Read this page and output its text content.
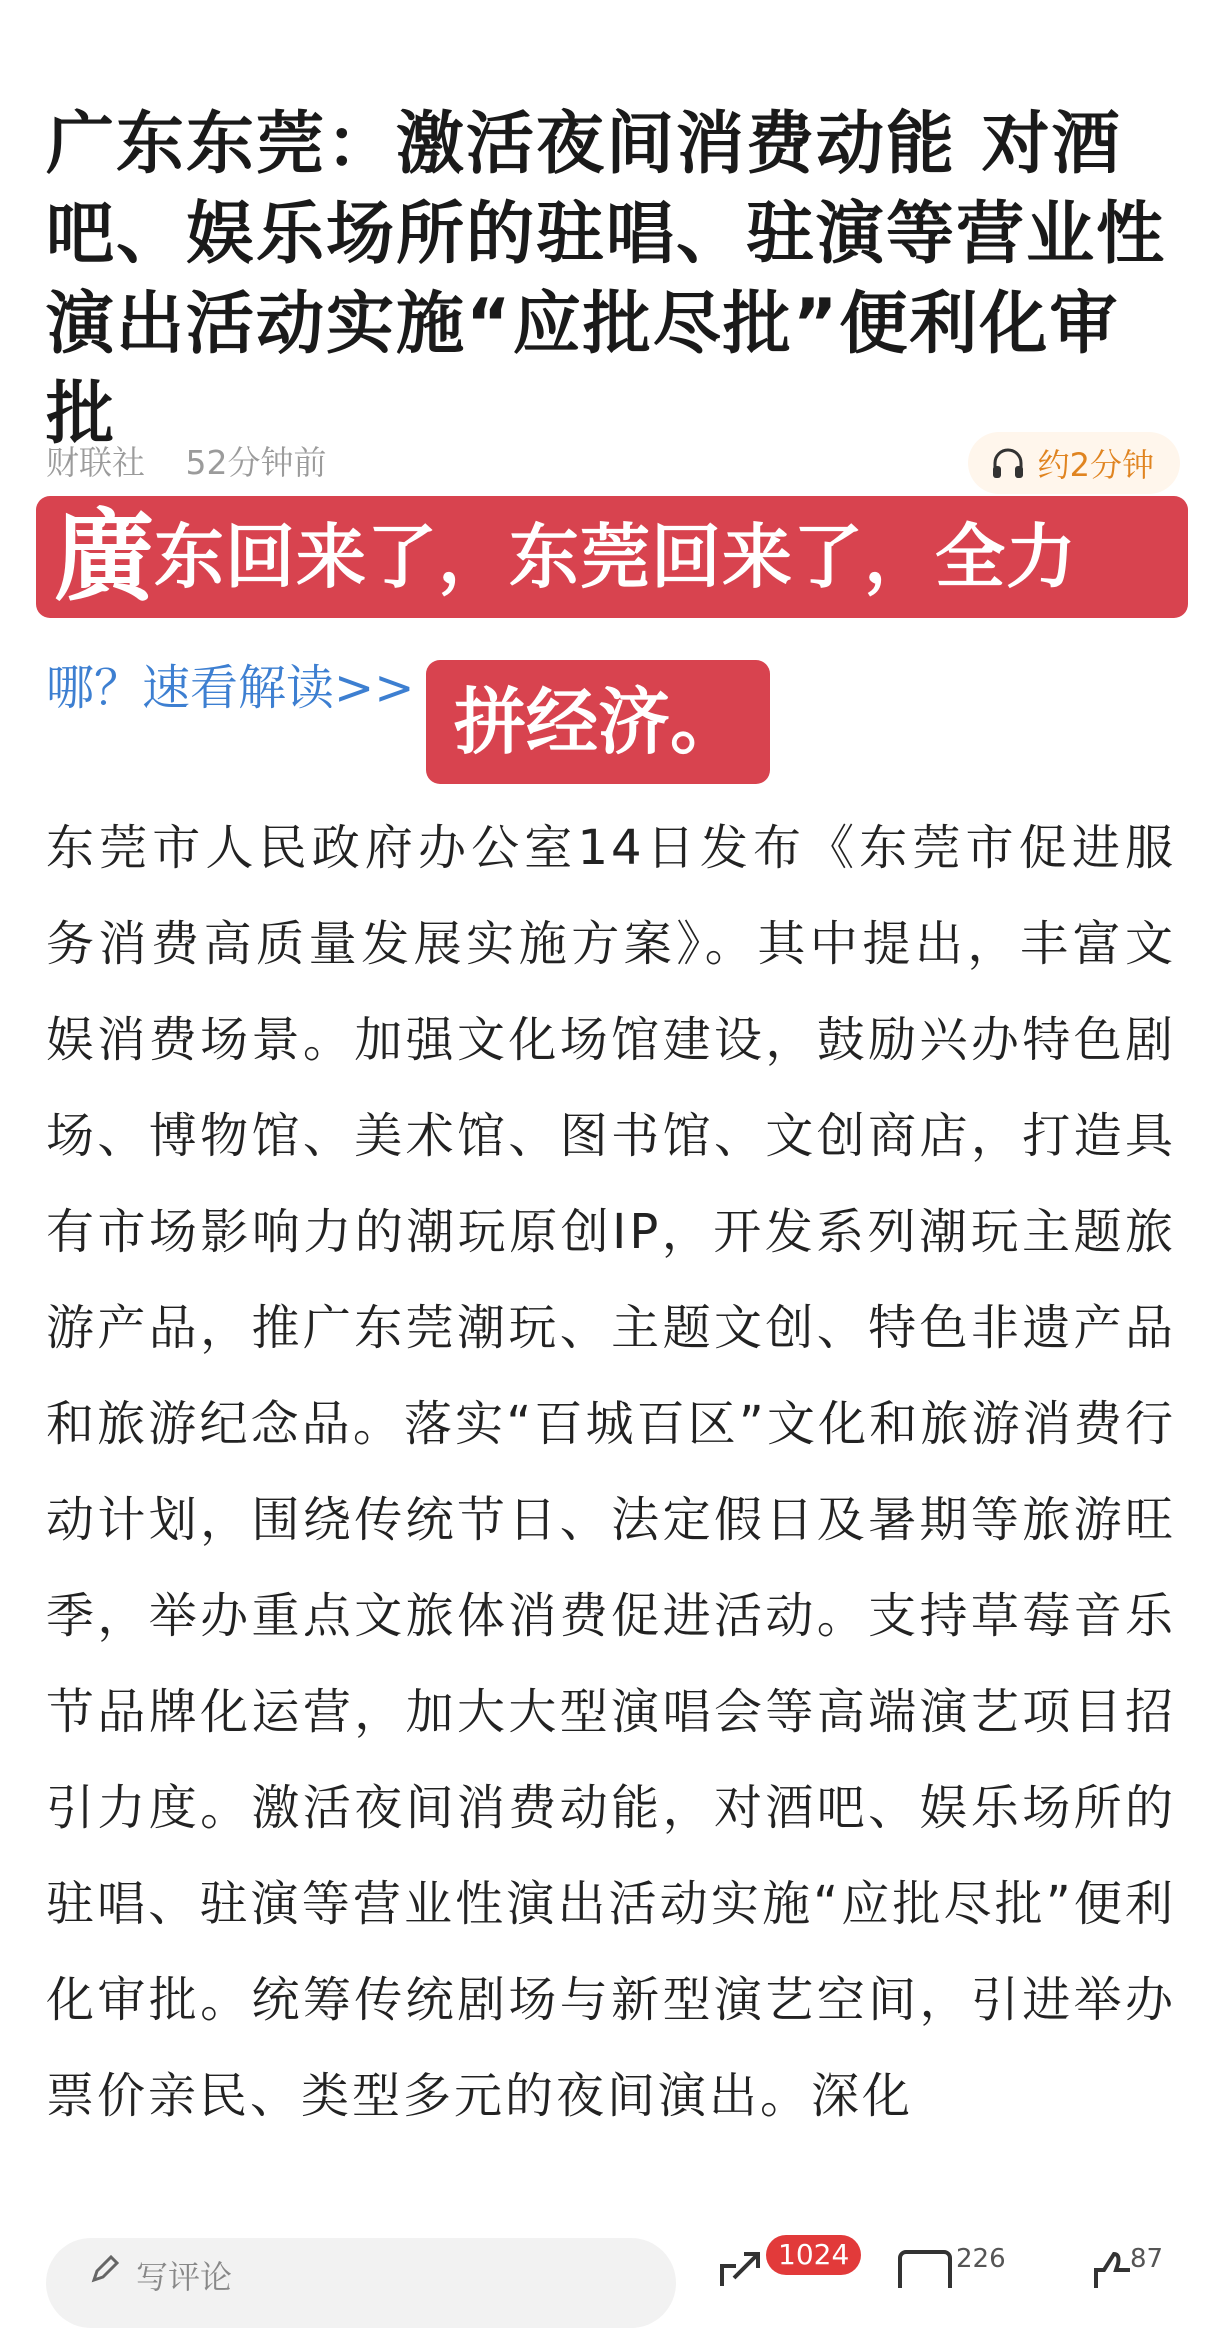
广东东莞：激活夜间消费动能 对酒吧、娱乐场所的驻唱、驻演等营业性演出活动实施“应批尽批”便利化审批
财联社 52分钟前	约2分钟
哪？速看解读>>
廣 东回来了，东莞回来了，全力
拼经济。

东莞市人民政府办公室14日发布《东莞市促进服务消费高质量发展实施方案》。其中提出，丰富文娱消费场景。加强文化场馆建设，鼓励兴办特色剧场、博物馆、美术馆、图书馆、文创商店，打造具有市场影响力的潮玩原创IP，开发系列潮玩主题旅游产品，推广东莞潮玩、主题文创、特色非遗产品和旅游纪念品。落实“百城百区”文化和旅游消费行动计划，围绕传统节日、法定假日及暑期等旅游旺季，举办重点文旅体消费促进活动。支持草莓音乐节品牌化运营，加大大型演唱会等高端演艺项目招引力度。激活夜间消费动能，对酒吧、娱乐场所的驻唱、驻演等营业性演出活动实施“应批尽批”便利化审批。统筹传统剧场与新型演艺空间，引进举办票价亲民、类型多元的夜间演出。深化

写评论
1024	226	87
